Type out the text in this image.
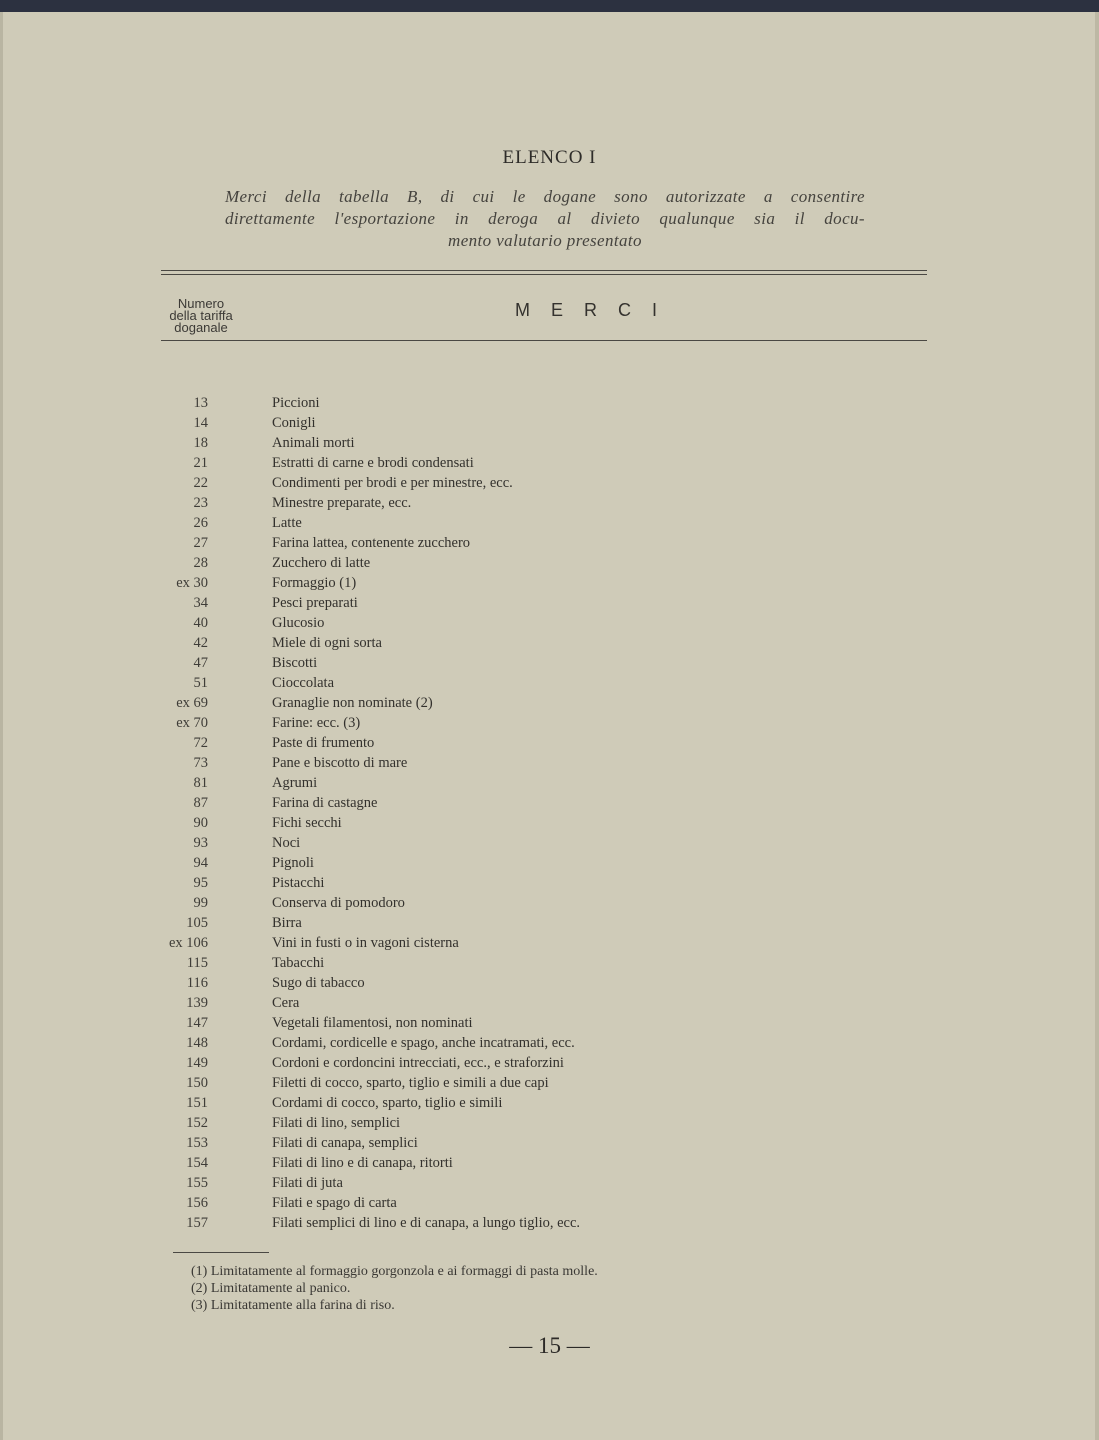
ELENCO I
Merci della tabella B, di cui le dogane sono autorizzate a consentire
direttamente l'esportazione in deroga al divieto qualunque sia il docu-
mento valutario presentato
Numero
della tariffa
doganale
MERCI
13	Piccioni
14	Conigli
18	Animali morti
21	Estratti di carne e brodi condensati
22	Condimenti per brodi e per minestre, ecc.
23	Minestre preparate, ecc.
26	Latte
27	Farina lattea, contenente zucchero
28	Zucchero di latte
ex 30	Formaggio (1)
34	Pesci preparati
40	Glucosio
42	Miele di ogni sorta
47	Biscotti
51	Cioccolata
ex 69	Granaglie non nominate (2)
ex 70	Farine: ecc. (3)
72	Paste di frumento
73	Pane e biscotto di mare
81	Agrumi
87	Farina di castagne
90	Fichi secchi
93	Noci
94	Pignoli
95	Pistacchi
99	Conserva di pomodoro
105	Birra
ex 106	Vini in fusti o in vagoni cisterna
115	Tabacchi
116	Sugo di tabacco
139	Cera
147	Vegetali filamentosi, non nominati
148	Cordami, cordicelle e spago, anche incatramati, ecc.
149	Cordoni e cordoncini intrecciati, ecc., e straforzini
150	Filetti di cocco, sparto, tiglio e simili a due capi
151	Cordami di cocco, sparto, tiglio e simili
152	Filati di lino, semplici
153	Filati di canapa, semplici
154	Filati di lino e di canapa, ritorti
155	Filati di juta
156	Filati e spago di carta
157	Filati semplici di lino e di canapa, a lungo tiglio, ecc.
(1) Limitatamente al formaggio gorgonzola e ai formaggi di pasta molle.
(2) Limitatamente al panico.
(3) Limitatamente alla farina di riso.
— 15 —
